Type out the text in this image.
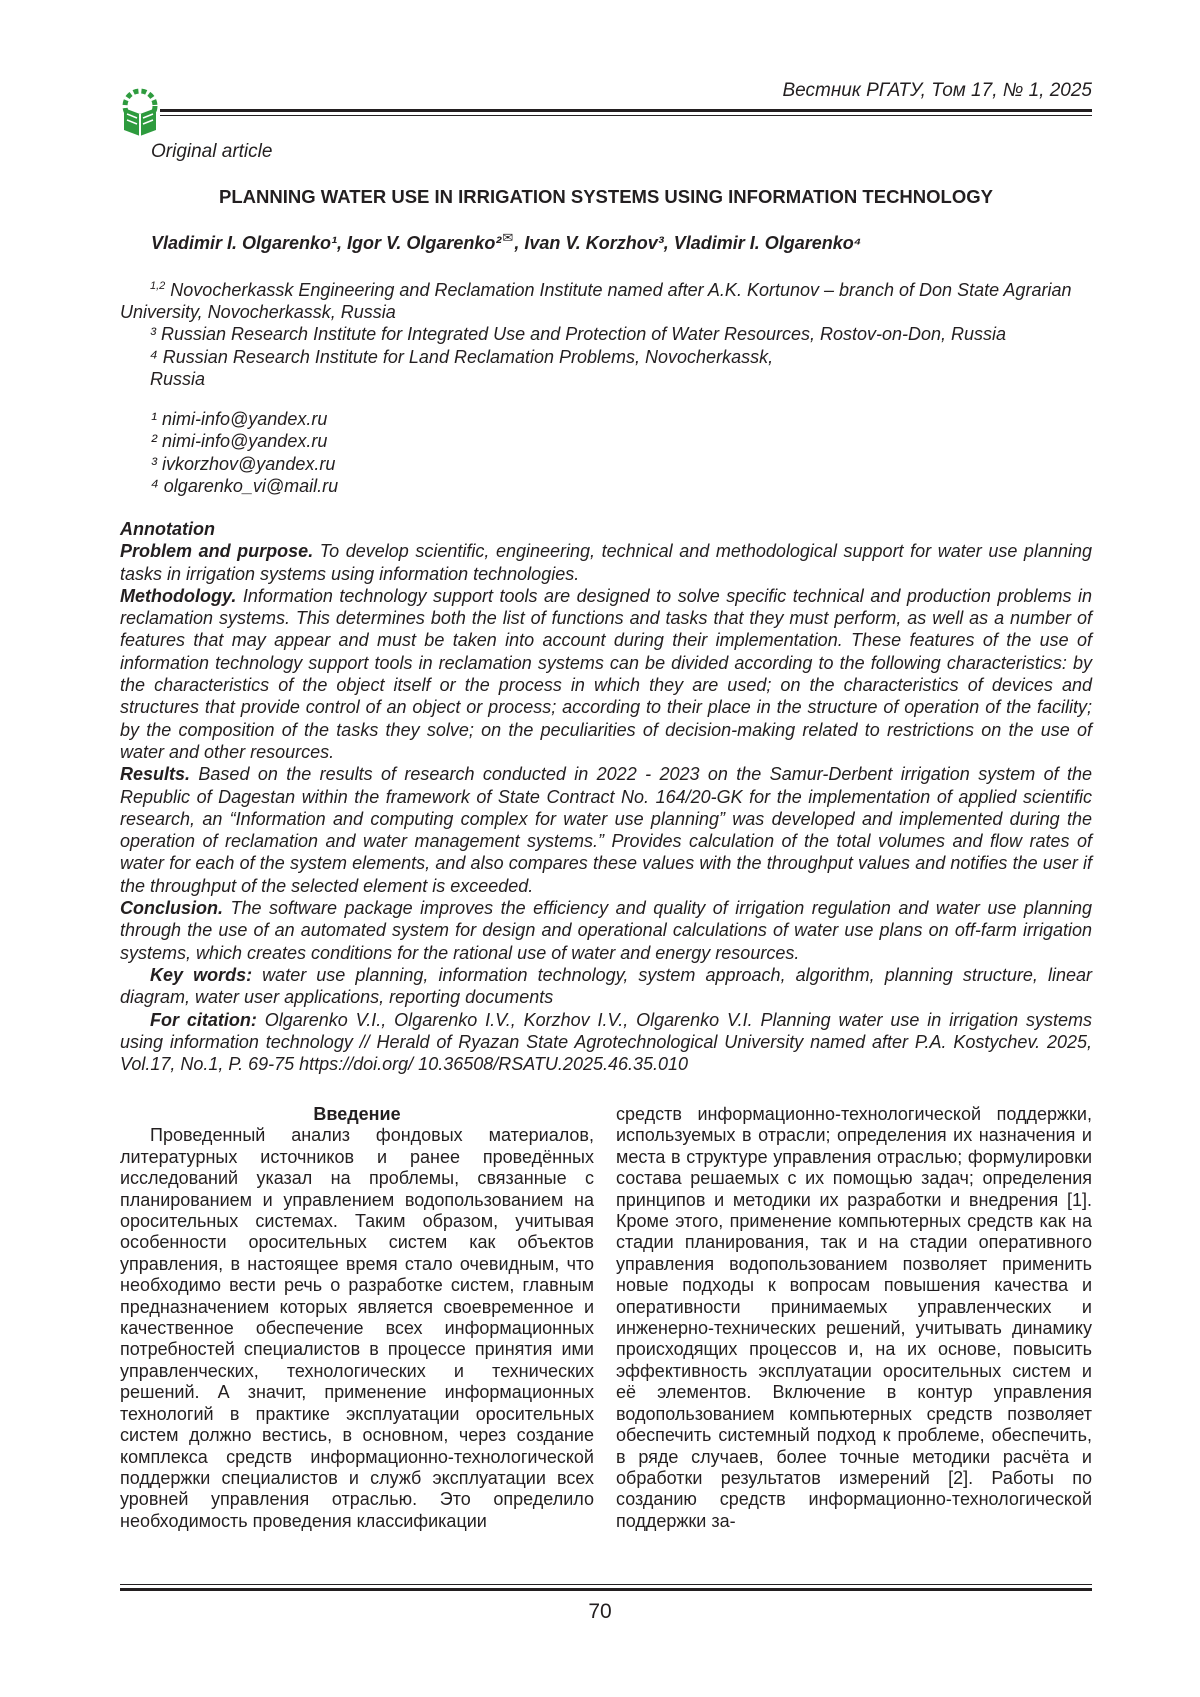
Вестник РГАТУ, Том 17, № 1, 2025
Original article
PLANNING WATER USE IN IRRIGATION SYSTEMS USING INFORMATION TECHNOLOGY
Vladimir I. Olgarenko¹, Igor V. Olgarenko²✉, Ivan V. Korzhov³, Vladimir I. Olgarenko⁴

$^{1,2}$ Novocherkassk Engineering and Reclamation Institute named after A.K. Kortunov – branch of Don State Agrarian University, Novocherkassk, Russia

³ Russian Research Institute for Integrated Use and Protection of Water Resources, Rostov-on-Don, Russia

⁴ Russian Research Institute for Land Reclamation Problems, Novocherkassk,

Russia

¹ nimi-info@yandex.ru

² nimi-info@yandex.ru

³ ivkorzhov@yandex.ru

⁴ olgarenko_vi@mail.ru

Annotation

Problem and purpose. To develop scientific, engineering, technical and methodological support for water use planning tasks in irrigation systems using information technologies.

Methodology. Information technology support tools are designed to solve specific technical and production problems in reclamation systems. This determines both the list of functions and tasks that they must perform, as well as a number of features that may appear and must be taken into account during their implementation. These features of the use of information technology support tools in reclamation systems can be divided according to the following characteristics: by the characteristics of the object itself or the process in which they are used; on the characteristics of devices and structures that provide control of an object or process; according to their place in the structure of operation of the facility; by the composition of the tasks they solve; on the peculiarities of decision-making related to restrictions on the use of water and other resources.

Results. Based on the results of research conducted in 2022 - 2023 on the Samur-Derbent irrigation system of the Republic of Dagestan within the framework of State Contract No. 164/20-GK for the implementation of applied scientific research, an “Information and computing complex for water use planning” was developed and implemented during the operation of reclamation and water management systems.” Provides calculation of the total volumes and flow rates of water for each of the system elements, and also compares these values with the throughput values and notifies the user if the throughput of the selected element is exceeded.

Conclusion. The software package improves the efficiency and quality of irrigation regulation and water use planning through the use of an automated system for design and operational calculations of water use plans on off-farm irrigation systems, which creates conditions for the rational use of water and energy resources.

Key words: water use planning, information technology, system approach, algorithm, planning structure, linear diagram, water user applications, reporting documents

For citation: Olgarenko V.I., Olgarenko I.V., Korzhov I.V., Olgarenko V.I. Planning water use in irrigation systems using information technology // Herald of Ryazan State Agrotechnological University named after P.A. Kostychev. 2025, Vol.17, No.1, P. 69-75 https://doi.org/ 10.36508/RSATU.2025.46.35.010

Введение

Проведенный анализ фондовых материалов, литературных источников и ранее проведённых исследований указал на проблемы, связанные с планированием и управлением водопользованием на оросительных системах. Таким образом, учитывая особенности оросительных систем как объектов управления, в настоящее время стало очевидным, что необходимо вести речь о разработке систем, главным предназначением которых является своевременное и качественное обеспечение всех информационных потребностей специалистов в процессе принятия ими управленческих, технологических и технических решений. А значит, применение информационных технологий в практике эксплуатации оросительных систем должно вестись, в основном, через создание комплекса средств информационно-технологической поддержки специалистов и служб эксплуатации всех уровней управления отраслью. Это определило необходимость проведения классификации

средств информационно-технологической поддержки, используемых в отрасли; определения их назначения и места в структуре управления отраслью; формулировки состава решаемых с их помощью задач; определения принципов и методики их разработки и внедрения [1]. Кроме этого, применение компьютерных средств как на стадии планирования, так и на стадии оперативного управления водопользованием позволяет применить новые подходы к вопросам повышения качества и оперативности принимаемых управленческих и инженерно-технических решений, учитывать динамику происходящих процессов и, на их основе, повысить эффективность эксплуатации оросительных систем и её элементов. Включение в контур управления водопользованием компьютерных средств позволяет обеспечить системный подход к проблеме, обеспечить, в ряде случаев, более точные методики расчёта и обработки результатов измерений [2]. Работы по созданию средств информационно-технологической поддержки за-

70
